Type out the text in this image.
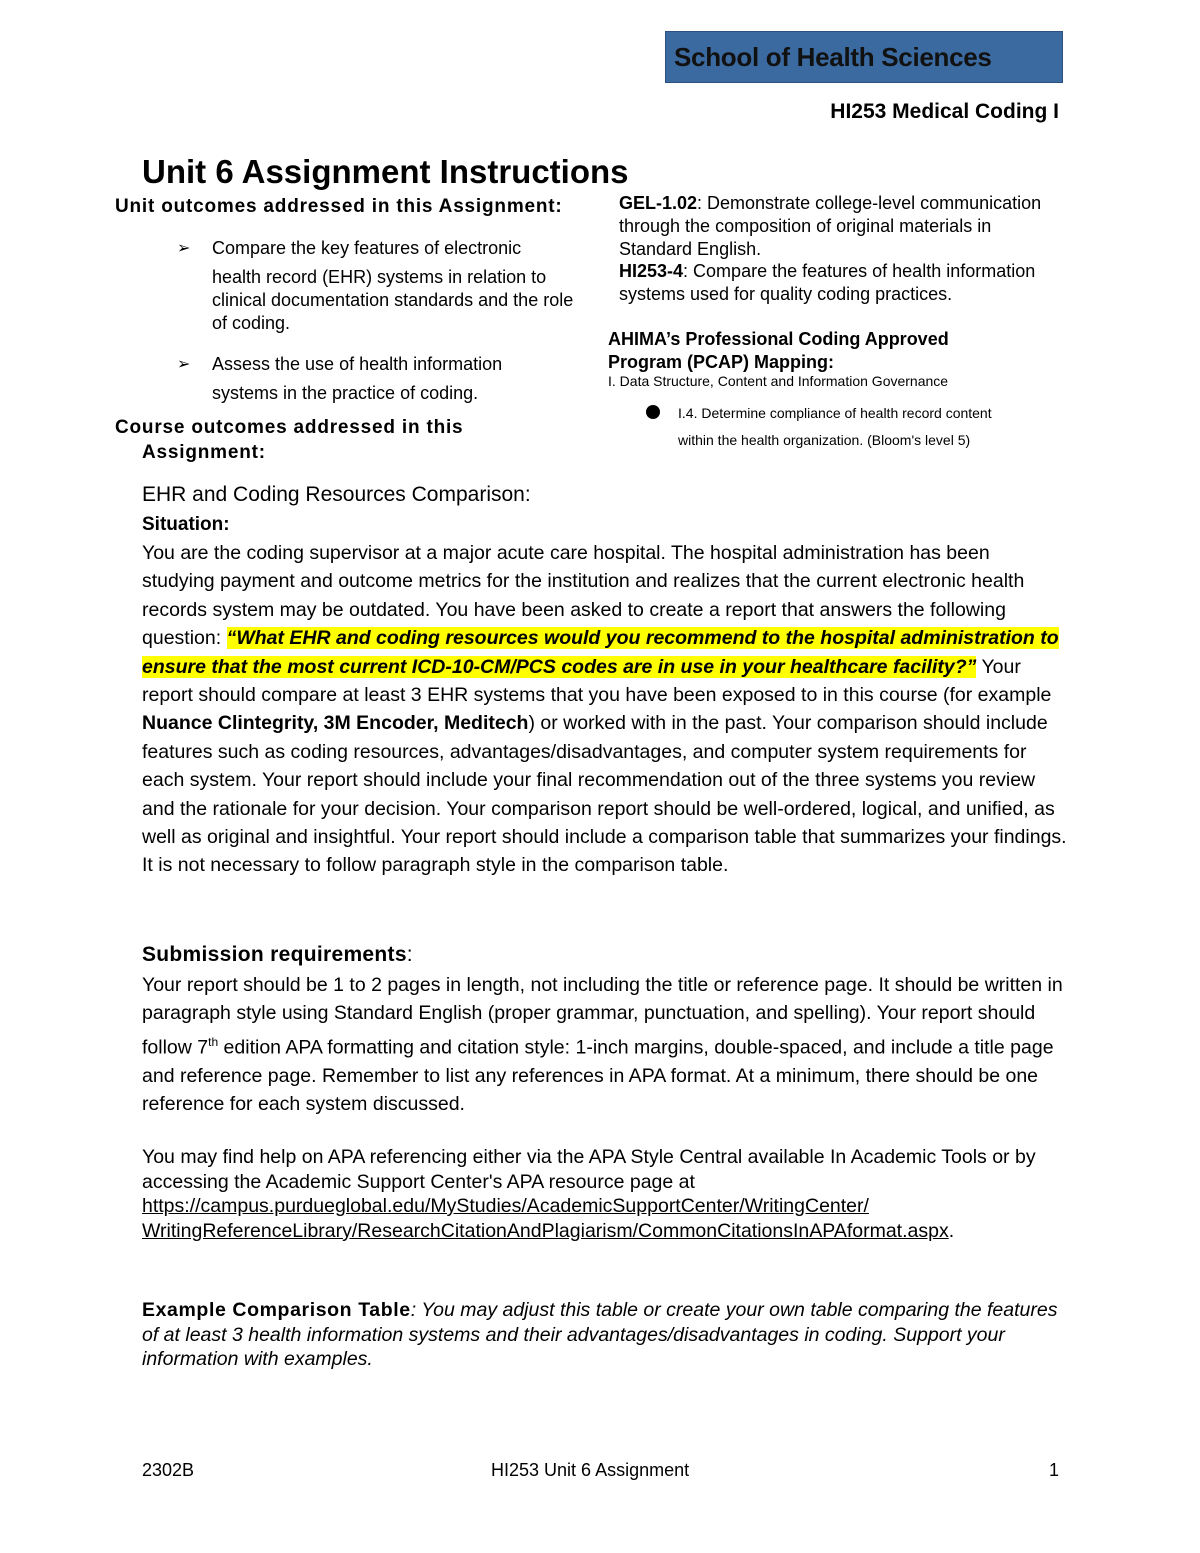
School of Health Sciences
HI253 Medical Coding I
Unit 6 Assignment Instructions
Unit outcomes addressed in this Assignment:
➢ Compare the key features of electronic
health record (EHR) systems in relation to clinical documentation standards and the role of coding.
➢ Assess the use of health information
systems in the practice of coding.
Course outcomes addressed in this
Assignment:
GEL-1.02: Demonstrate college-level communication through the composition of original materials in Standard English.
HI253-4: Compare the features of health information systems used for quality coding practices.
AHIMA’s Professional Coding Approved
Program (PCAP) Mapping:
I. Data Structure, Content and Information Governance
I.4. Determine compliance of health record content
within the health organization. (Bloom's level 5)
EHR and Coding Resources Comparison:
Situation:
You are the coding supervisor at a major acute care hospital. The hospital administration has been studying payment and outcome metrics for the institution and realizes that the current electronic health records system may be outdated. You have been asked to create a report that answers the following question: “What EHR and coding resources would you recommend to the hospital administration to ensure that the most current ICD-10-CM/PCS codes are in use in your healthcare facility?” Your report should compare at least 3 EHR systems that you have been exposed to in this course (for example Nuance Clintegrity, 3M Encoder, Meditech) or worked with in the past. Your comparison should include features such as coding resources, advantages/disadvantages, and computer system requirements for each system. Your report should include your final recommendation out of the three systems you review and the rationale for your decision. Your comparison report should be well-ordered, logical, and unified, as well as original and insightful. Your report should include a comparison table that summarizes your findings. It is not necessary to follow paragraph style in the comparison table.
Submission requirements:
Your report should be 1 to 2 pages in length, not including the title or reference page. It should be written in paragraph style using Standard English (proper grammar, punctuation, and spelling). Your report should follow 7th edition APA formatting and citation style: 1-inch margins, double-spaced, and include a title page and reference page. Remember to list any references in APA format. At a minimum, there should be one reference for each system discussed.
You may find help on APA referencing either via the APA Style Central available In Academic Tools or by accessing the Academic Support Center's APA resource page at
https://campus.purdueglobal.edu/MyStudies/AcademicSupportCenter/WritingCenter/
WritingReferenceLibrary/ResearchCitationAndPlagiarism/CommonCitationsInAPAformat.aspx.
Example Comparison Table: You may adjust this table or create your own table comparing the features of at least 3 health information systems and their advantages/disadvantages in coding. Support your information with examples.
2302B	HI253 Unit 6 Assignment	1
